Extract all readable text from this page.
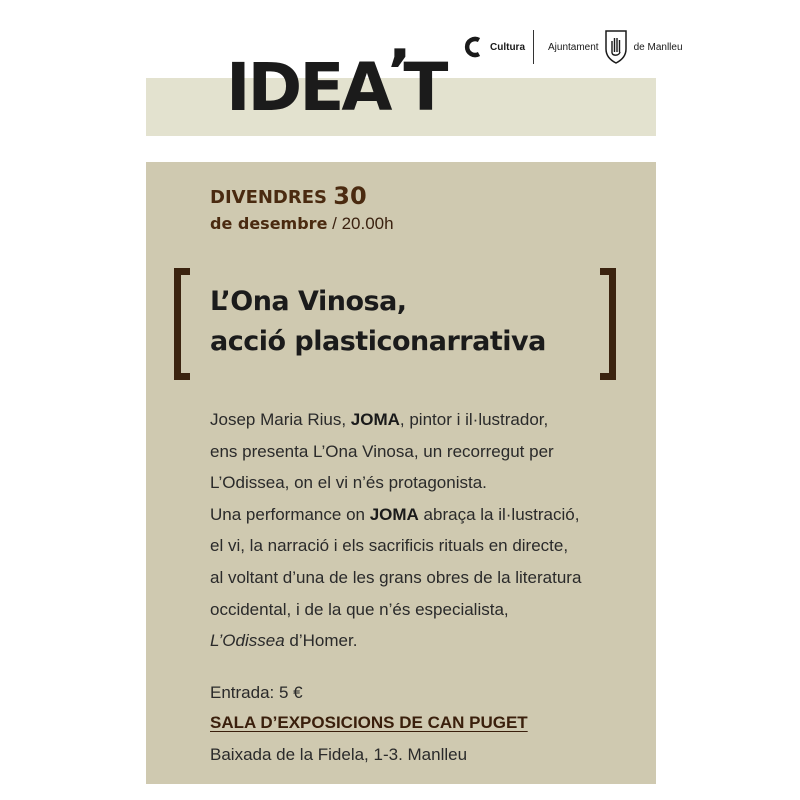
Cultura Ajuntament	de Manlleu
IDEA’T
DIVENDRES 30
de desembre / 20.00h
L’Ona Vinosa,
acció plasticonarrativa
Josep Maria Rius, JOMA, pintor i il·lustrador,
ens presenta L’Ona Vinosa, un recorregut per
L’Odissea, on el vi n’és protagonista.
Una performance on JOMA abraça la il·lustració,
el vi, la narració i els sacrificis rituals en directe,
al voltant d’una de les grans obres de la literatura
occidental, i de la que n’és especialista,
L’Odissea d’Homer.
Entrada: 5 €
SALA D’EXPOSICIONS DE CAN PUGET
Baixada de la Fidela, 1-3. Manlleu
